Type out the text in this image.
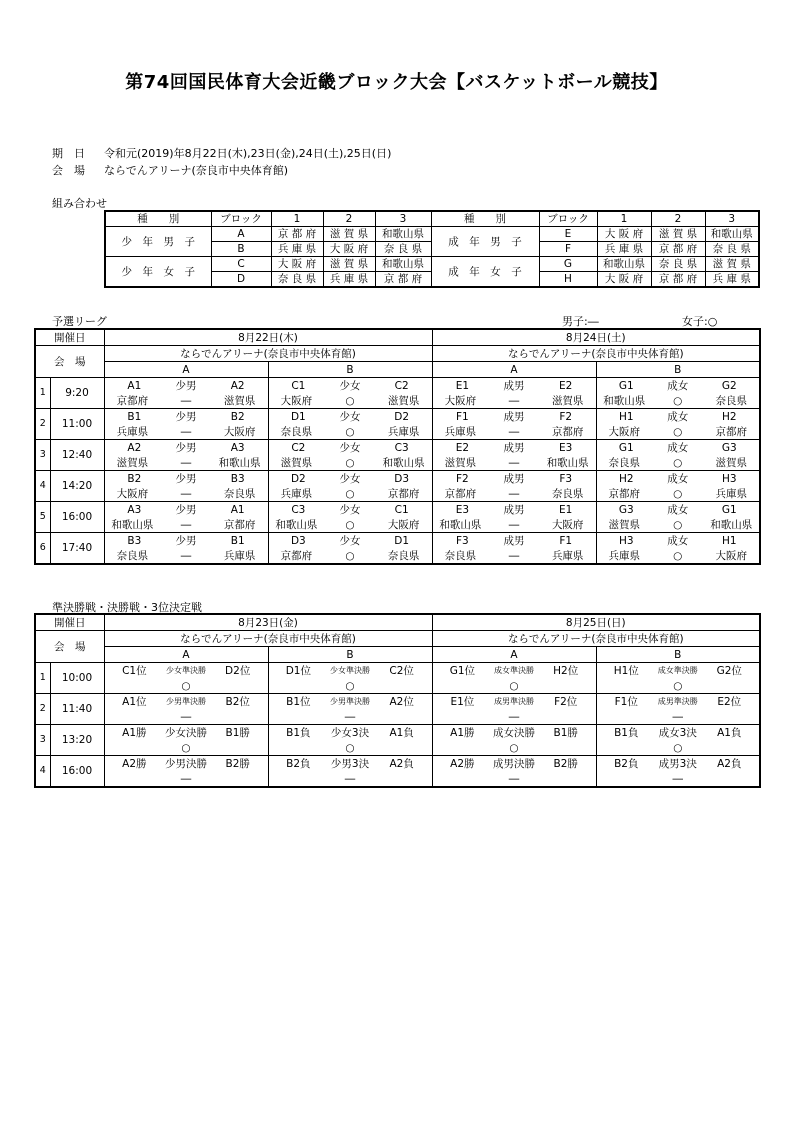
第74回国民体育大会近畿ブロック大会【バスケットボール競技】
期　日 令和元(2019)年8月22日(木),23日(金),24日(土),25日(日)
会　場 ならでんアリーナ(奈良市中央体育館)
組み合わせ
種　　別	ブロック	1	2	3	種　　別	ブロック	1	2	3
少　年　男　子	A	京 都 府	滋 賀 県	和歌山県	成　年　男　子	E	大 阪 府	滋 賀 県	和歌山県
	B	兵 庫 県	大 阪 府	奈 良 県		F	兵 庫 県	京 都 府	奈 良 県
少　年　女　子	C	大 阪 府	滋 賀 県	和歌山県	成　年　女　子	G	和歌山県	奈 良 県	滋 賀 県
	D	奈 良 県	兵 庫 県	京 都 府		H	大 阪 府	京 都 府	兵 庫 県
予選リーグ	男子:―	女子:○
開催日		8月22日(木)		8月24日(土)	
会　場		ならでんアリーナ(奈良市中央体育館)		ならでんアリーナ(奈良市中央体育館)	
		A	B	A	B
1	9:20	A1 少男 A2	C1 少女 C2	E1 成男 E2	G1 成女 G2

		京都府 ― 滋賀県	大阪府 ○ 滋賀県	大阪府 ― 滋賀県	和歌山県 ○ 奈良県

2	11:00	B1 少男 B2	D1 少女 D2	F1 成男 F2	H1 成女 H2

		兵庫県 ― 大阪府	奈良県 ○ 兵庫県	兵庫県 ― 京都府	大阪府 ○ 京都府

3	12:40	A2 少男 A3	C2 少女 C3	E2 成男 E3	G1 成女 G3

		滋賀県 ― 和歌山県	滋賀県 ○ 和歌山県	滋賀県 ― 和歌山県	奈良県 ○ 滋賀県

4	14:20	B2 少男 B3	D2 少女 D3	F2 成男 F3	H2 成女 H3

		大阪府 ― 奈良県	兵庫県 ○ 京都府	京都府 ― 奈良県	京都府 ○ 兵庫県

5	16:00	A3 少男 A1	C3 少女 C1	E3 成男 E1	G3 成女 G1

		和歌山県 ― 京都府	和歌山県 ○ 大阪府	和歌山県 ― 大阪府	滋賀県 ○ 和歌山県

6	17:40	B3 少男 B1	D3 少女 D1	F3 成男 F1	H3 成女 H1

		奈良県 ― 兵庫県	京都府 ○ 奈良県	奈良県 ― 兵庫県	兵庫県 ○ 大阪府
準決勝戦・決勝戦・3位決定戦
開催日		8月23日(金)		8月25日(日)	
会　場		ならでんアリーナ(奈良市中央体育館)		ならでんアリーナ(奈良市中央体育館)	
		A	B	A	B
1	10:00	C1位 少女準決勝 D2位	D1位 少女準決勝 C2位	G1位 成女準決勝 H2位	H1位 成女準決勝 G2位

		○	○	○	○
2	11:40	A1位 少男準決勝 B2位	B1位 少男準決勝 A2位	E1位 成男準決勝 F2位	F1位 成男準決勝 E2位

		―	―	―	―
3	13:20	A1勝 少女決勝 B1勝	B1負 少女3決 A1負	A1勝 成女決勝 B1勝	B1負 成女3決 A1負

		○	○	○	○
4	16:00	A2勝 少男決勝 B2勝	B2負 少男3決 A2負	A2勝 成男決勝 B2勝	B2負 成男3決 A2負

		―	―	―	―
